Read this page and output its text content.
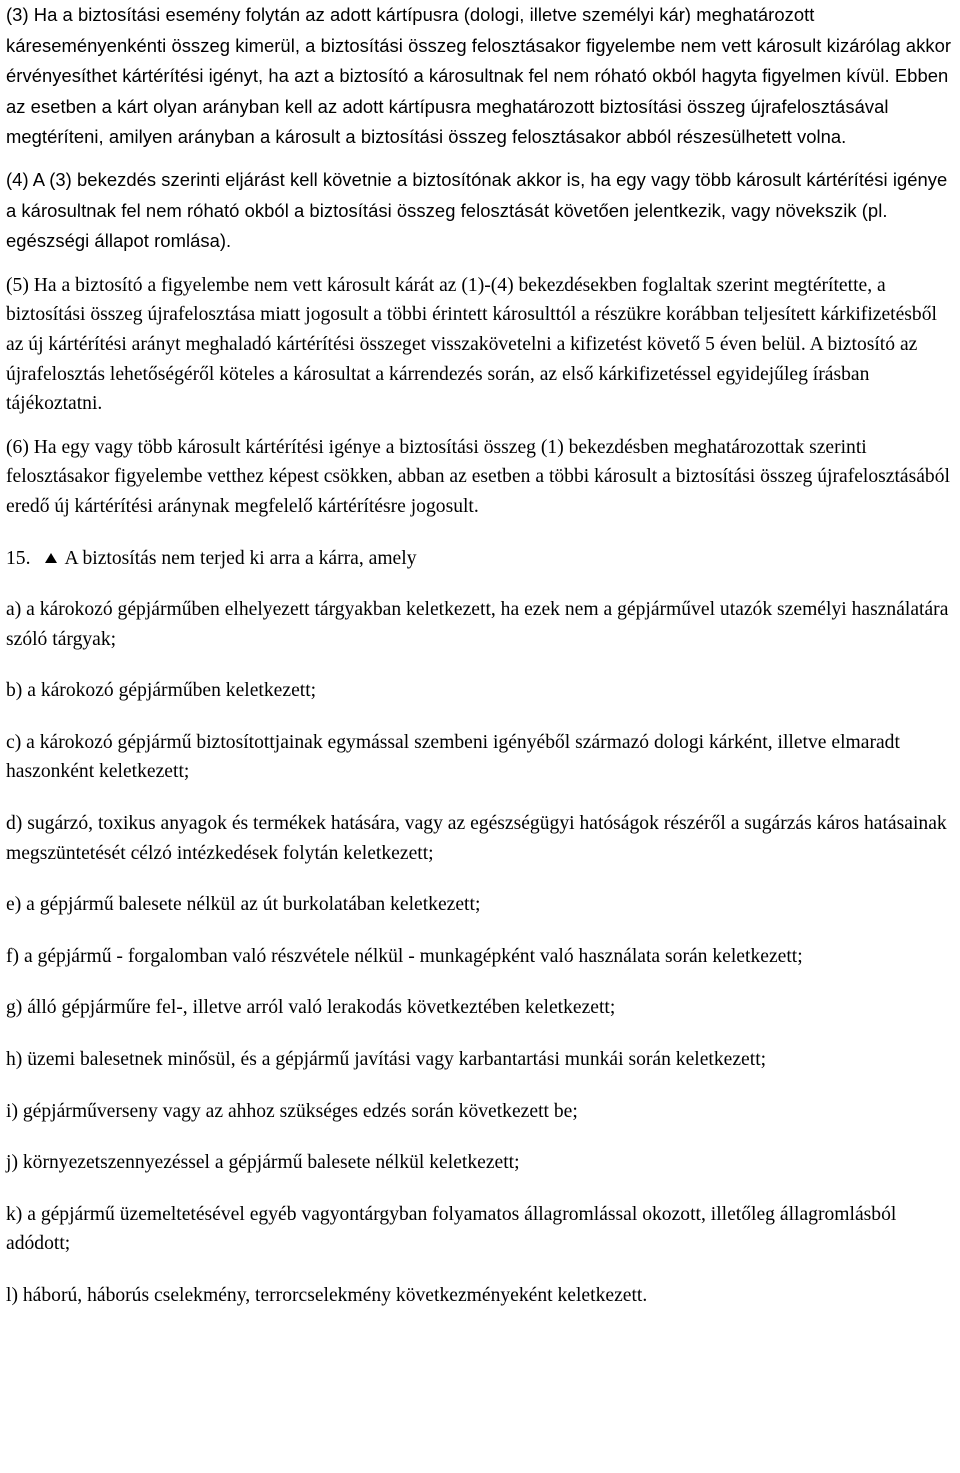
(3) Ha a biztosítási esemény folytán az adott kártípusra (dologi, illetve személyi kár) meghatározott káreseményenkénti összeg kimerül, a biztosítási összeg felosztásakor figyelembe nem vett károsult kizárólag akkor érvényesíthet kártérítési igényt, ha azt a biztosító a károsultnak fel nem róható okból hagyta figyelmen kívül. Ebben az esetben a kárt olyan arányban kell az adott kártípusra meghatározott biztosítási összeg újrafelosztásával megtéríteni, amilyen arányban a károsult a biztosítási összeg felosztásakor abból részesülhetett volna.

(4) A (3) bekezdés szerinti eljárást kell követnie a biztosítónak akkor is, ha egy vagy több károsult kártérítési igénye a károsultnak fel nem róható okból a biztosítási összeg felosztását követően jelentkezik, vagy növekszik (pl. egészségi állapot romlása).

(5) Ha a biztosító a figyelembe nem vett károsult kárát az (1)-(4) bekezdésekben foglaltak szerint megtérítette, a biztosítási összeg újrafelosztása miatt jogosult a többi érintett károsulttól a részükre korábban teljesített kárkifizetésből az új kártérítési arányt meghaladó kártérítési összeget visszakövetelni a kifizetést követő 5 éven belül. A biztosító az újrafelosztás lehetőségéről köteles a károsultat a kárrendezés során, az első kárkifizetéssel egyidejűleg írásban tájékoztatni.

(6) Ha egy vagy több károsult kártérítési igénye a biztosítási összeg (1) bekezdésben meghatározottak szerinti felosztásakor figyelembe vetthez képest csökken, abban az esetben a többi károsult a biztosítási összeg újrafelosztásából eredő új kártérítési aránynak megfelelő kártérítésre jogosult.

15. A biztosítás nem terjed ki arra a kárra, amely

a) a károkozó gépjárműben elhelyezett tárgyakban keletkezett, ha ezek nem a gépjárművel utazók személyi használatára szóló tárgyak;

b) a károkozó gépjárműben keletkezett;

c) a károkozó gépjármű biztosítottjainak egymással szembeni igényéből származó dologi kárként, illetve elmaradt haszonként keletkezett;

d) sugárzó, toxikus anyagok és termékek hatására, vagy az egészségügyi hatóságok részéről a sugárzás káros hatásainak megszüntetését célzó intézkedések folytán keletkezett;

e) a gépjármű balesete nélkül az út burkolatában keletkezett;

f) a gépjármű - forgalomban való részvétele nélkül - munkagépként való használata során keletkezett;

g) álló gépjárműre fel-, illetve arról való lerakodás következtében keletkezett;

h) üzemi balesetnek minősül, és a gépjármű javítási vagy karbantartási munkái során keletkezett;

i) gépjárműverseny vagy az ahhoz szükséges edzés során következett be;

j) környezetszennyezéssel a gépjármű balesete nélkül keletkezett;

k) a gépjármű üzemeltetésével egyéb vagyontárgyban folyamatos állagromlással okozott, illetőleg állagromlásból adódott;

l) háború, háborús cselekmény, terrorcselekmény következményeként keletkezett.
